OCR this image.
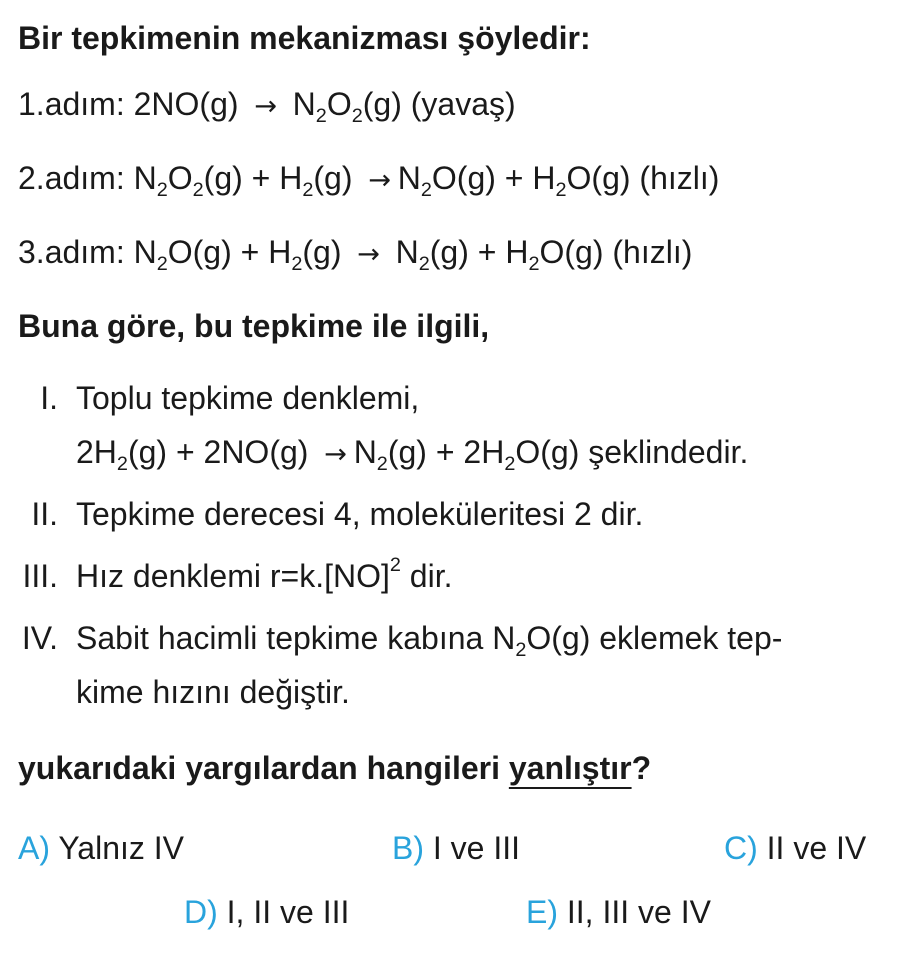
Bir tepkimenin mekanizması şöyledir:
1.adım: $2NO(g) \to N_2O_2(g)$ (yavaş)
2.adım: $N_2O_2(g) + H_2(g) \to N_2O(g) + H_2O(g)$ (hızlı)
3.adım: $N_2O(g) + H_2(g) \to N_2(g) + H_2O(g)$ (hızlı)
Buna göre, bu tepkime ile ilgili,
I. Toplu tepkime denklemi,
$2H_2(g) + 2NO(g) \to N_2(g) + 2H_2O(g)$ şeklindedir.
II. Tepkime derecesi 4, moleküleritesi 2 dir.
III. Hız denklemi r=k.[NO]$^2$ dir.
IV. Sabit hacimli tepkime kabına $N_2O(g)$ eklemek tep-
kime hızını değiştir.
yukarıdaki yargılardan hangileri yanlıştır?
A) Yalnız IV	B) I ve III	C) II ve IV
D) I, II ve III	E) II, III ve IV
